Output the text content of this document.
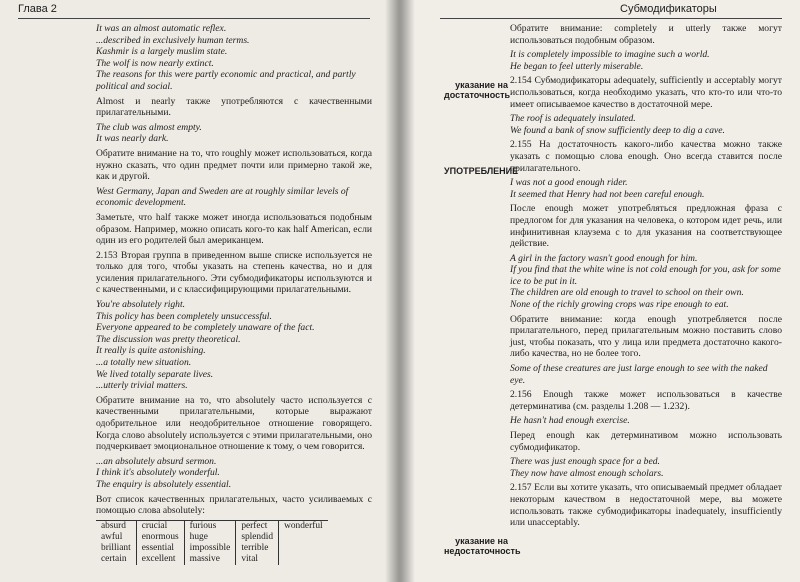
Глава 2
It was an almost automatic reflex.
...described in exclusively human terms.
Kashmir is a largely muslim state.
The wolf is now nearly extinct.
The reasons for this were partly economic and practical, and partly political and social.
Almost и nearly также употребляются с качественными прилагательными.
The club was almost empty.
It was nearly dark.
Обратите внимание на то, что roughly может использоваться, когда нужно сказать, что один предмет почти или примерно такой же, как и другой.
West Germany, Japan and Sweden are at roughly similar levels of economic development.
Заметьте, что half также может иногда использоваться подобным образом. Например, можно описать кого-то как half American, если один из его родителей был американцем.
2.153 Вторая группа в приведенном выше списке используется не только для того, чтобы указать на степень качества, но и для усиления прилагательного. Эти субмодификаторы используются и с качественными, и с классифицирующими прилагательными.
You're absolutely right.
This policy has been completely unsuccessful.
Everyone appeared to be completely unaware of the fact.
The discussion was pretty theoretical.
It really is quite astonishing.
...a totally new situation.
We lived totally separate lives.
...utterly trivial matters.
Обратите внимание на то, что absolutely часто используется с качественными прилагательными, которые выражают одобрительное или неодобрительное отношение говорящего. Когда слово absolutely используется с этими прилагательными, оно подчеркивает эмоциональное отношение к тому, о чем говорится.
...an absolutely absurd sermon.
I think it's absolutely wonderful.
The enquiry is absolutely essential.
Вот список качественных прилагательных, часто усиливаемых с помощью слова absolutely:
absurd	crucial	furious	perfect	wonderful
awful	enormous	huge	splendid	
brilliant	essential	impossible	terrible	
certain	excellent	massive	vital	
Субмодификаторы
указание на достаточность
УПОТРЕБЛЕНИЕ
указание на недостаточность
Обратите внимание: completely и utterly также могут использоваться подобным образом.
It is completely impossible to imagine such a world.
He began to feel utterly miserable.
2.154 Субмодификаторы adequately, sufficiently и acceptably могут использоваться, когда необходимо указать, что кто-то или что-то имеет описываемое качество в достаточной мере.
The roof is adequately insulated.
We found a bank of snow sufficiently deep to dig a cave.
2.155 На достаточность какого-либо качества можно также указать с помощью слова enough. Оно всегда ставится после прилагательного.
I was not a good enough rider.
It seemed that Henry had not been careful enough.
После enough может употребляться предложная фраза с предлогом for для указания на человека, о котором идет речь, или инфинитивная клаузема с to для указания на соответствующее действие.
A girl in the factory wasn't good enough for him.
If you find that the white wine is not cold enough for you, ask for some ice to be put in it.
The children are old enough to travel to school on their own.
None of the richly growing crops was ripe enough to eat.
Обратите внимание: когда enough употребляется после прилагательного, перед прилагательным можно поставить слово just, чтобы показать, что у лица или предмета достаточно какого-либо качества, но не более того.
Some of these creatures are just large enough to see with the naked eye.
2.156 Enough также может использоваться в качестве детерминатива (см. разделы 1.208 — 1.232).
He hasn't had enough exercise.
Перед enough как детерминативом можно использовать субмодификатор.
There was just enough space for a bed.
They now have almost enough scholars.
2.157 Если вы хотите указать, что описываемый предмет обладает некоторым качеством в недостаточной мере, вы можете использовать также субмодификаторы inadequately, insufficiently или unacceptably.
